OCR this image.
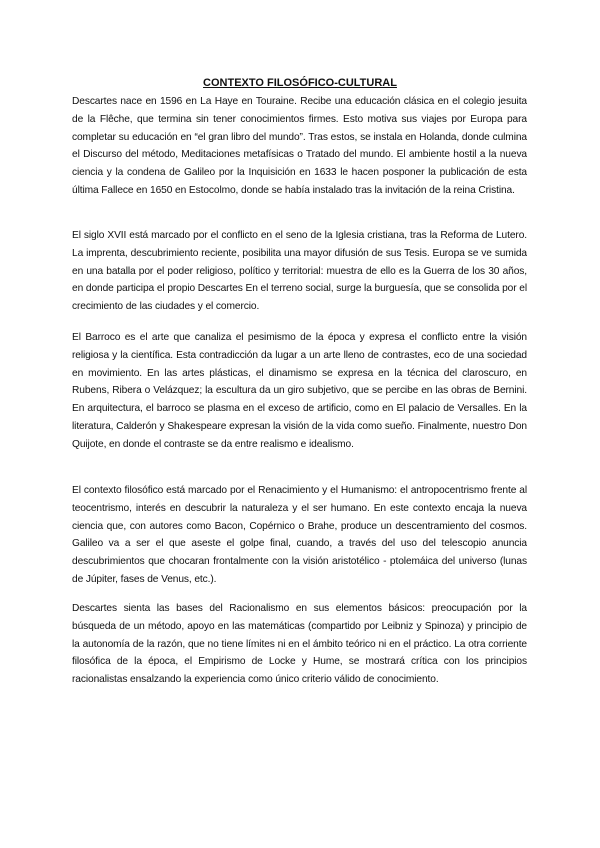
CONTEXTO FILOSÓFICO-CULTURAL

Descartes nace en 1596 en La Haye en Touraine. Recibe una educación clásica en el colegio jesuita de la Flêche, que termina sin tener conocimientos firmes. Esto motiva sus viajes por Europa para completar su educación en “el gran libro del mundo”. Tras estos, se instala en Holanda, donde culmina el Discurso del método, Meditaciones metafísicas o Tratado del mundo. El ambiente hostil a la nueva ciencia y la condena de Galileo por la Inquisición en 1633 le hacen posponer la publicación de esta última Fallece en 1650 en Estocolmo, donde se había instalado tras la invitación de la reina Cristina.

El siglo XVII está marcado por el conflicto en el seno de la Iglesia cristiana, tras la Reforma de Lutero. La imprenta, descubrimiento reciente, posibilita una mayor difusión de sus Tesis. Europa se ve sumida en una batalla por el poder religioso, político y territorial: muestra de ello es la Guerra de los 30 años, en donde participa el propio Descartes En el terreno social, surge la burguesía, que se consolida por el crecimiento de las ciudades y el comercio.

El Barroco es el arte que canaliza el pesimismo de la época y expresa el conflicto entre la visión religiosa y la científica. Esta contradicción da lugar a un arte lleno de contrastes, eco de una sociedad en movimiento. En las artes plásticas, el dinamismo se expresa en la técnica del claroscuro, en Rubens, Ribera o Velázquez; la escultura da un giro subjetivo, que se percibe en las obras de Bernini. En arquitectura, el barroco se plasma en el exceso de artificio, como en El palacio de Versalles. En la literatura, Calderón y Shakespeare expresan la visión de la vida como sueño. Finalmente, nuestro Don Quijote, en donde el contraste se da entre realismo e idealismo.

El contexto filosófico está marcado por el Renacimiento y el Humanismo: el antropocentrismo frente al teocentrismo, interés en descubrir la naturaleza y el ser humano. En este contexto encaja la nueva ciencia que, con autores como Bacon, Copérnico o Brahe, produce un descentramiento del cosmos. Galileo va a ser el que aseste el golpe final, cuando, a través del uso del telescopio anuncia descubrimientos que chocaran frontalmente con la visión aristotélico - ptolemáica del universo (lunas de Júpiter, fases de Venus, etc.).

Descartes sienta las bases del Racionalismo en sus elementos básicos: preocupación por la búsqueda de un método, apoyo en las matemáticas (compartido por Leibniz y Spinoza) y principio de la autonomía de la razón, que no tiene límites ni en el ámbito teórico ni en el práctico. La otra corriente filosófica de la época, el Empirismo de Locke y Hume, se mostrará crítica con los principios racionalistas ensalzando la experiencia como único criterio válido de conocimiento.
